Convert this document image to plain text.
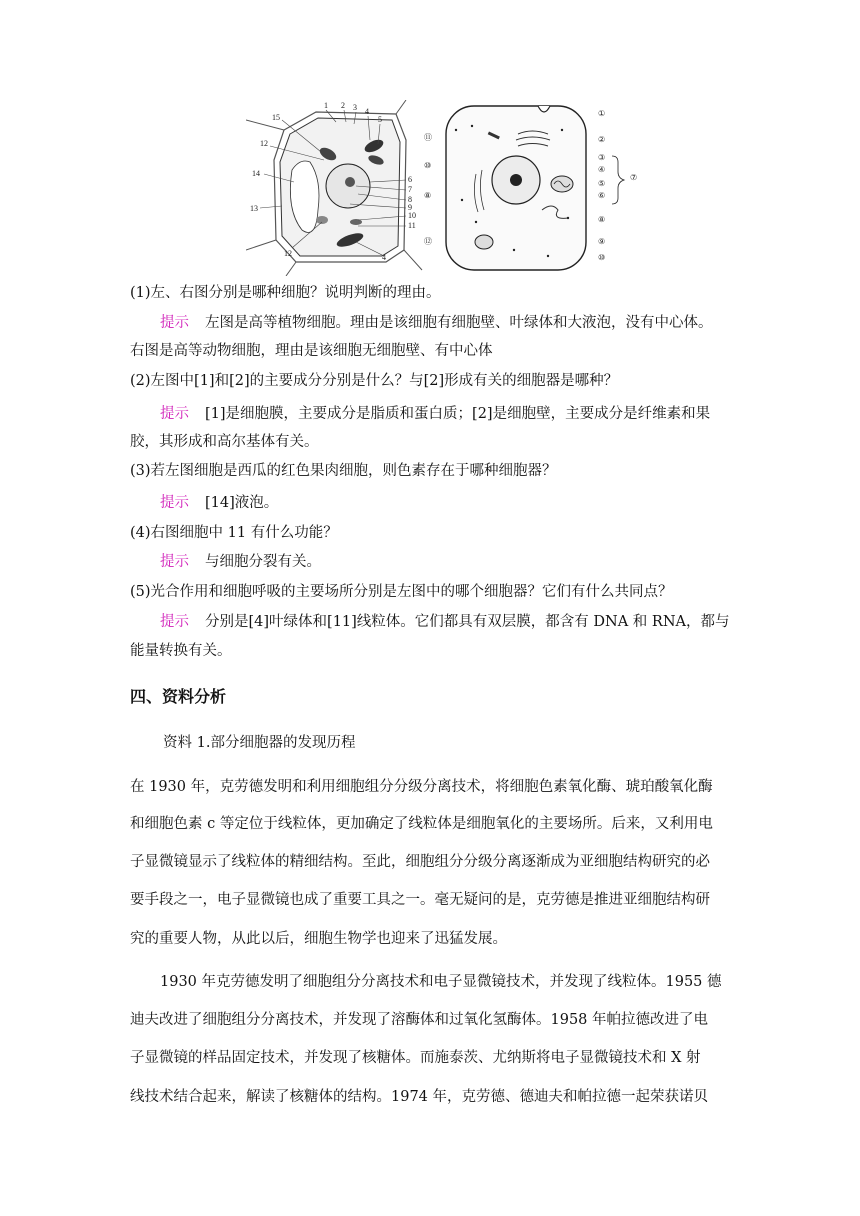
1 2 3 4
5
15
12
14
13
12
6
7
8
9
10
11
4
①
⑪	②
⑩
③
④
⑤
⑥
⑦
⑧
⑧
⑫	⑨
⑩
(1)左、右图分别是哪种细胞？说明判断的理由。
提示 左图是高等植物细胞。理由是该细胞有细胞壁、叶绿体和大液泡，没有中心体。
右图是高等动物细胞，理由是该细胞无细胞壁、有中心体
(2)左图中[1]和[2]的主要成分分别是什么？与[2]形成有关的细胞器是哪种？
提示 [1]是细胞膜，主要成分是脂质和蛋白质；[2]是细胞壁，主要成分是纤维素和果
胶，其形成和高尔基体有关。
(3)若左图细胞是西瓜的红色果肉细胞，则色素存在于哪种细胞器？
提示 [14]液泡。
(4)右图细胞中 11 有什么功能？
提示 与细胞分裂有关。
(5)光合作用和细胞呼吸的主要场所分别是左图中的哪个细胞器？它们有什么共同点？
提示 分别是[4]叶绿体和[11]线粒体。它们都具有双层膜，都含有 DNA 和 RNA，都与
能量转换有关。
四、资料分析
资料 1.部分细胞器的发现历程
在 1930 年，克劳德发明和利用细胞组分分级分离技术，将细胞色素氧化酶、琥珀酸氧化酶
和细胞色素 c 等定位于线粒体，更加确定了线粒体是细胞氧化的主要场所。后来，又利用电
子显微镜显示了线粒体的精细结构。至此，细胞组分分级分离逐渐成为亚细胞结构研究的必
要手段之一，电子显微镜也成了重要工具之一。毫无疑问的是，克劳德是推进亚细胞结构研
究的重要人物，从此以后，细胞生物学也迎来了迅猛发展。
1930 年克劳德发明了细胞组分分离技术和电子显微镜技术，并发现了线粒体。1955 德
迪夫改进了细胞组分分离技术，并发现了溶酶体和过氧化氢酶体。1958 年帕拉德改进了电
子显微镜的样品固定技术，并发现了核糖体。而施泰茨、尤纳斯将电子显微镜技术和 X 射
线技术结合起来，解读了核糖体的结构。1974 年，克劳德、德迪夫和帕拉德一起荣获诺贝
